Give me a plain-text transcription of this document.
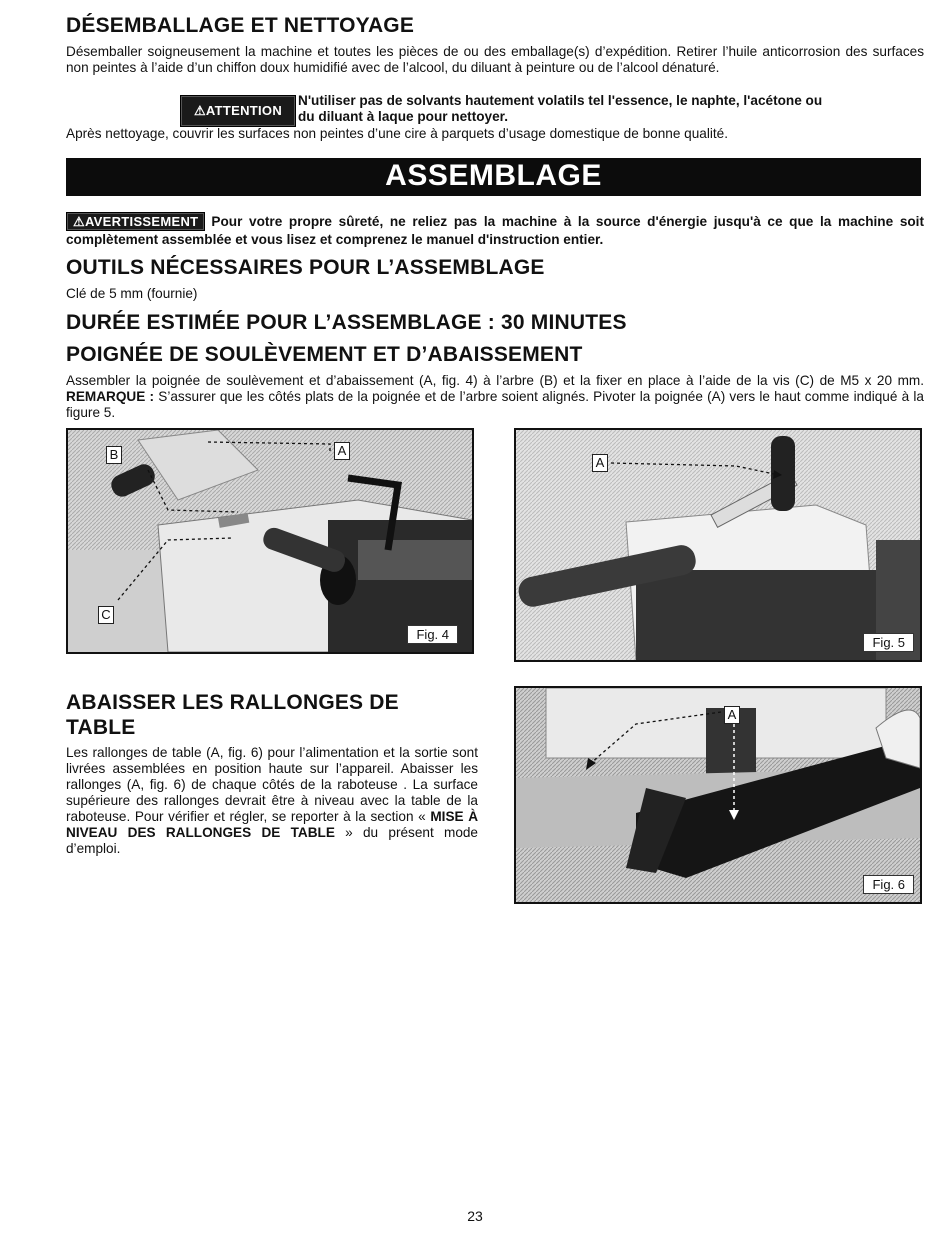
DÉSEMBALLAGE ET NETTOYAGE

Désemballer soigneusement la machine et toutes les pièces de ou des emballage(s) d’expédition. Retirer l’huile anticorrosion des surfaces non peintes à l’aide d’un chiffon doux humidifié avec de l’alcool, du diluant à peinture ou de l’alcool dénaturé.

⚠ATTENTION

N'utiliser pas de solvants hautement volatils tel l'essence, le naphte, l'acétone ou

du diluant à laque pour nettoyer.

Après nettoyage, couvrir les surfaces non peintes d’une cire à parquets d’usage domestique de bonne qualité.

ASSEMBLAGE

⚠AVERTISSEMENT Pour votre propre sûreté, ne reliez pas la machine à la source d'énergie jusqu'à ce que la machine soit complètement assemblée et vous lisez et comprenez le manuel d'instruction entier.

OUTILS NÉCESSAIRES POUR L’ASSEMBLAGE

Clé de 5 mm (fournie)

DURÉE ESTIMÉE POUR L’ASSEMBLAGE : 30 MINUTES
POIGNÉE DE SOULÈVEMENT ET D’ABAISSEMENT

Assembler la poignée de soulèvement et d’abaissement (A, fig. 4) à l’arbre (B) et la fixer en place à l’aide de la vis (C) de M5 x 20 mm. REMARQUE : S’assurer que les côtés plats de la poignée et de l’arbre soient alignés. Pivoter la poignée (A) vers le haut comme indiqué à la figure 5.

B	A
C
Fig. 4
A
Fig. 5
ABAISSER LES RALLONGES DE
TABLE

Les rallonges de table (A, fig. 6) pour l’alimentation et la sortie sont livrées assemblées en position haute sur l’appareil. Abaisser les rallonges (A, fig. 6) de chaque côtés de la raboteuse . La surface supérieure des rallonges devrait être à niveau avec la table de la raboteuse. Pour vérifier et régler, se reporter à la section « MISE À NIVEAU DES RALLONGES DE TABLE » du présent mode d’emploi.

A
Fig. 6
23
